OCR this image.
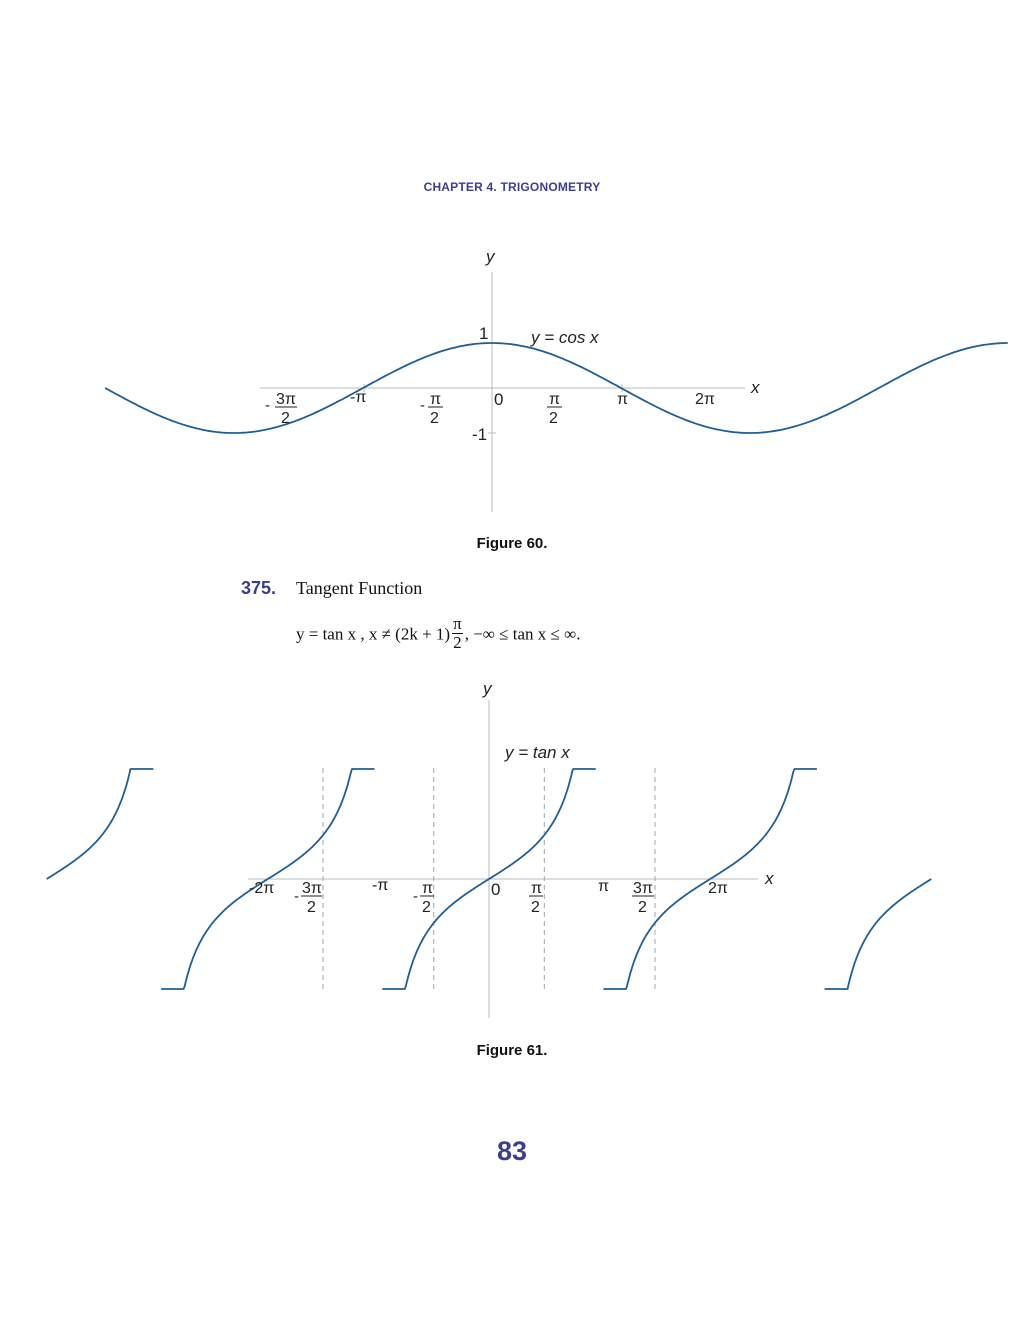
CHAPTER 4. TRIGONOMETRY
y
x
y = cos x
1
-1
- 3π
2
-π	- π
2
0	π
2
π	2π
Figure 60.
375. Tangent Function
y = tan x , $x \ne (2k + 1) \frac{\pi}{2}$ , −∞ ≤ tan x ≤ ∞.
y
x
y = tan x
-2π - 3π
2
-π
- π
2
0 π
2
π 3π
2
2π
Figure 61.
83
